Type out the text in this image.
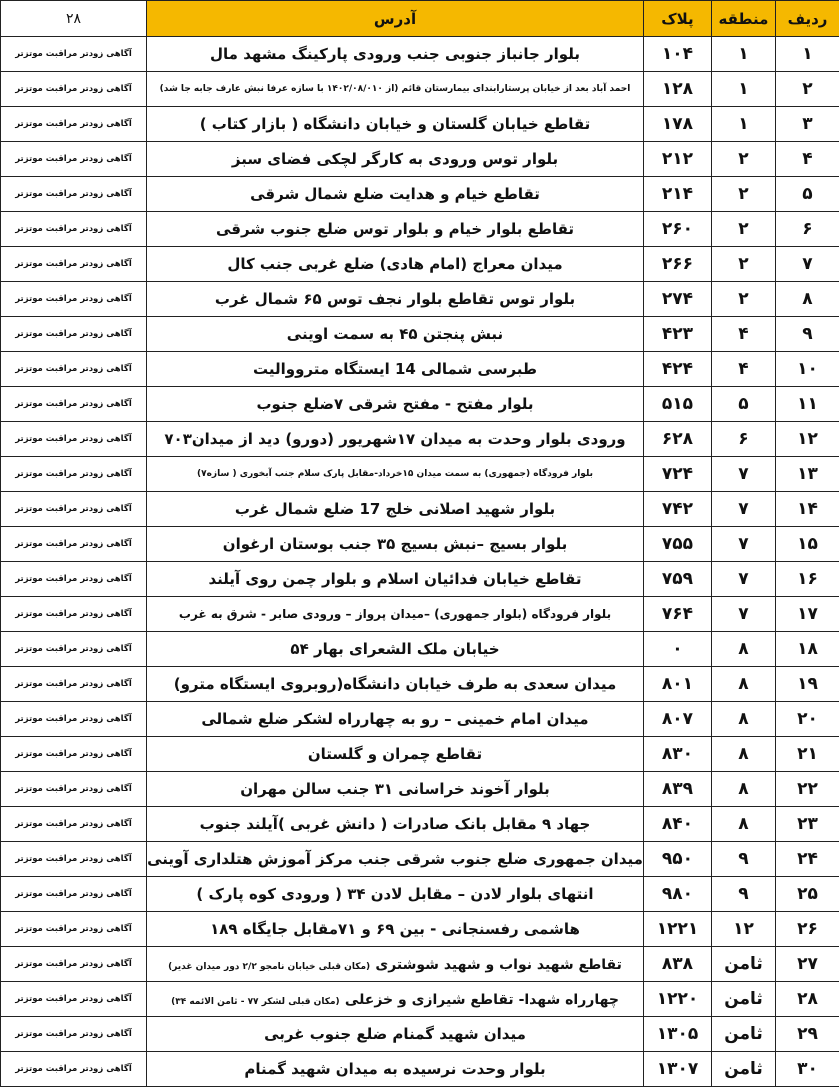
ردیف	منطقه	پلاک	آدرس	۲۸
۱	۱	۱۰۴	بلوار جانباز جنوبی جنب ورودی پارکینگ مشهد مال	آگاهی زودتر مراقبت موتزتر
۲	۱	۱۲۸	احمد آباد بعد از خیابان پرستارابندای بیمارستان قائم (از ۱۴۰۲/۰۸/۰۱۰ با سازه عرفا نبش عارف جابه جا شد)	آگاهی زودتر مراقبت موتزتر
۳	۱	۱۷۸	تقاطع خیابان گلستان و خیابان دانشگاه ( بازار کتاب )	آگاهی زودتر مراقبت موتزتر
۴	۲	۲۱۲	بلوار توس ورودی به کارگر لچکی فضای سبز	آگاهی زودتر مراقبت موتزتر
۵	۲	۲۱۴	تقاطع خیام و هدایت ضلع شمال شرقی	آگاهی زودتر مراقبت موتزتر
۶	۲	۲۶۰	تقاطع بلوار خیام و بلوار توس ضلع جنوب شرقی	آگاهی زودتر مراقبت موتزتر
۷	۲	۲۶۶	میدان معراج (امام هادی) ضلع غربی جنب کال	آگاهی زودتر مراقبت موتزتر
۸	۲	۲۷۴	بلوار توس تقاطع بلوار نجف توس ۶۵ شمال غرب	آگاهی زودتر مراقبت موتزتر
۹	۴	۴۲۳	نبش پنجتن ۴۵ به سمت اوینی	آگاهی زودتر مراقبت موتزتر
۱۰	۴	۴۲۴	طبرسی شمالی 14 ایستگاه مترووالیت	آگاهی زودتر مراقبت موتزتر
۱۱	۵	۵۱۵	بلوار مفتح - مفتح شرقی ۷ضلع جنوب	آگاهی زودتر مراقبت موتزتر
۱۲	۶	۶۲۸	ورودی بلوار وحدت به میدان ۱۷شهریور (دورو) دید از میدان۷۰۳	آگاهی زودتر مراقبت موتزتر
۱۳	۷	۷۲۴	بلوار فرودگاه (جمهوری) به سمت میدان ۱۵خرداد-مقابل پارک سلام جنب آبخوری ( سازه۷)	آگاهی زودتر مراقبت موتزتر
۱۴	۷	۷۴۲	بلوار شهید اصلانی خلج 17 ضلع شمال غرب	آگاهی زودتر مراقبت موتزتر
۱۵	۷	۷۵۵	بلوار بسیج –نبش بسیج ۳۵ جنب بوستان ارغوان	آگاهی زودتر مراقبت موتزتر
۱۶	۷	۷۵۹	تقاطع خیابان فدائیان اسلام و بلوار چمن روی آیلند	آگاهی زودتر مراقبت موتزتر
۱۷	۷	۷۶۴	بلوار فرودگاه (بلوار جمهوری) –میدان پرواز – ورودی صابر - شرق به غرب	آگاهی زودتر مراقبت موتزتر
۱۸	۸	۰	خیابان ملک الشعرای بهار ۵۴	آگاهی زودتر مراقبت موتزتر
۱۹	۸	۸۰۱	میدان سعدی به طرف خیابان دانشگاه(روبروی ایستگاه مترو)	آگاهی زودتر مراقبت موتزتر
۲۰	۸	۸۰۷	میدان امام خمینی – رو به چهارراه لشکر ضلع شمالی	آگاهی زودتر مراقبت موتزتر
۲۱	۸	۸۳۰	تقاطع چمران و گلستان	آگاهی زودتر مراقبت موتزتر
۲۲	۸	۸۳۹	بلوار آخوند خراسانی ۳۱ جنب سالن مهران	آگاهی زودتر مراقبت موتزتر
۲۳	۸	۸۴۰	جهاد ۹ مقابل بانک صادرات ( دانش غربی )آیلند جنوب	آگاهی زودتر مراقبت موتزتر
۲۴	۹	۹۵۰	میدان جمهوری ضلع جنوب شرقی جنب مرکز آموزش هتلداری آوینی	آگاهی زودتر مراقبت موتزتر
۲۵	۹	۹۸۰	انتهای بلوار لادن – مقابل لادن ۳۴ ( ورودی کوه پارک )	آگاهی زودتر مراقبت موتزتر
۲۶	۱۲	۱۲۲۱	هاشمی رفسنجانی - بین ۶۹ و ۷۱مقابل جایگاه ۱۸۹	آگاهی زودتر مراقبت موتزتر
۲۷	ثامن	۸۳۸	تقاطع شهید نواب و شهید شوشتری (مکان قبلی خیابان نامجو ۲/۲ دور میدان غدیر)	آگاهی زودتر مراقبت موتزتر
۲۸	ثامن	۱۲۲۰	چهارراه شهدا- تقاطع شیرازی و خزعلی (مکان قبلی لشکر ۷۷ - ثامن الائمه ۳۴)	آگاهی زودتر مراقبت موتزتر
۲۹	ثامن	۱۳۰۵	میدان شهید گمنام ضلع جنوب غربی	آگاهی زودتر مراقبت موتزتر
۳۰	ثامن	۱۳۰۷	بلوار وحدت نرسیده به میدان شهید گمنام	آگاهی زودتر مراقبت موتزتر
